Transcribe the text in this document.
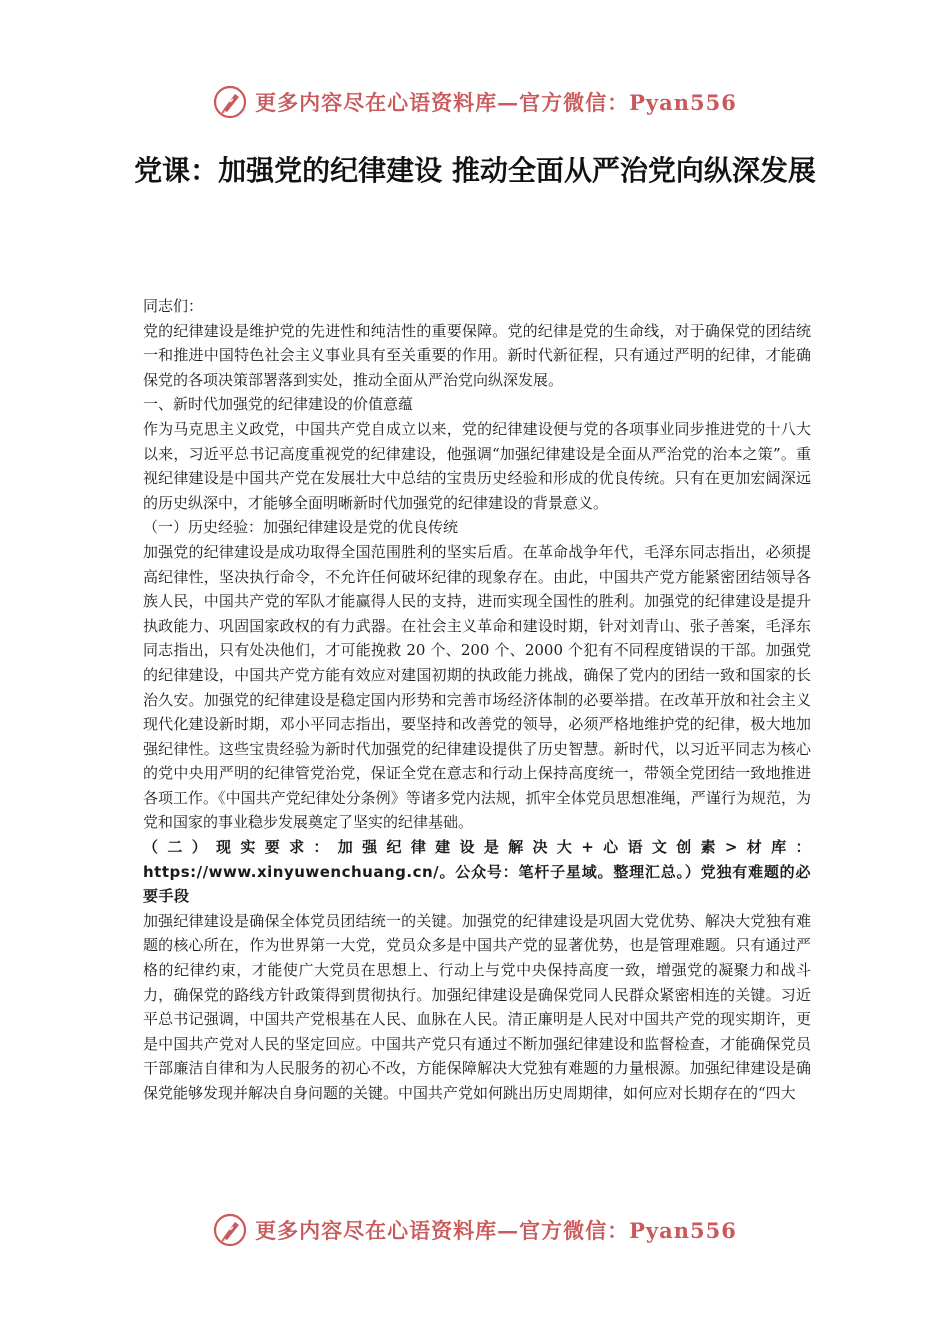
更多内容尽在心语资料库—官方微信：Pyan556
党课：加强党的纪律建设 推动全面从严治党向纵深发展

同志们：

党的纪律建设是维护党的先进性和纯洁性的重要保障。党的纪律是党的生命线，对于确保党的团结统一和推进中国特色社会主义事业具有至关重要的作用。新时代新征程，只有通过严明的纪律，才能确保党的各项决策部署落到实处，推动全面从严治党向纵深发展。

一、新时代加强党的纪律建设的价值意蕴

作为马克思主义政党，中国共产党自成立以来，党的纪律建设便与党的各项事业同步推进党的十八大以来，习近平总书记高度重视党的纪律建设，他强调“加强纪律建设是全面从严治党的治本之策”。重视纪律建设是中国共产党在发展壮大中总结的宝贵历史经验和形成的优良传统。只有在更加宏阔深远的历史纵深中，才能够全面明晰新时代加强党的纪律建设的背景意义。

（一）历史经验：加强纪律建设是党的优良传统

加强党的纪律建设是成功取得全国范围胜利的坚实后盾。在革命战争年代，毛泽东同志指出，必须提高纪律性，坚决执行命令，不允许任何破坏纪律的现象存在。由此，中国共产党方能紧密团结领导各族人民，中国共产党的军队才能赢得人民的支持，进而实现全国性的胜利。加强党的纪律建设是提升执政能力、巩固国家政权的有力武器。在社会主义革命和建设时期，针对刘青山、张子善案，毛泽东同志指出，只有处决他们，才可能挽救 20 个、200 个、2000 个犯有不同程度错误的干部。加强党的纪律建设，中国共产党方能有效应对建国初期的执政能力挑战，确保了党内的团结一致和国家的长治久安。加强党的纪律建设是稳定国内形势和完善市场经济体制的必要举措。在改革开放和社会主义现代化建设新时期，邓小平同志指出，要坚持和改善党的领导，必须严格地维护党的纪律，极大地加强纪律性。这些宝贵经验为新时代加强党的纪律建设提供了历史智慧。新时代，以习近平同志为核心的党中央用严明的纪律管党治党，保证全党在意志和行动上保持高度统一，带领全党团结一致地推进各项工作。《中国共产党纪律处分条例》等诸多党内法规，抓牢全体党员思想准绳，严谨行为规范，为党和国家的事业稳步发展奠定了坚实的纪律基础。

（二）现实要求：加强纪律建设是解决大+心语文创素>材库：https://www.xinyuwenchuang.cn/。公众号：笔杆子星域。整理汇总。）党独有难题的必要手段

加强纪律建设是确保全体党员团结统一的关键。加强党的纪律建设是巩固大党优势、解决大党独有难题的核心所在，作为世界第一大党，党员众多是中国共产党的显著优势，也是管理难题。只有通过严格的纪律约束，才能使广大党员在思想上、行动上与党中央保持高度一致，增强党的凝聚力和战斗力，确保党的路线方针政策得到贯彻执行。加强纪律建设是确保党同人民群众紧密相连的关键。习近平总书记强调，中国共产党根基在人民、血脉在人民。清正廉明是人民对中国共产党的现实期许，更是中国共产党对人民的坚定回应。中国共产党只有通过不断加强纪律建设和监督检查，才能确保党员干部廉洁自律和为人民服务的初心不改，方能保障解决大党独有难题的力量根源。加强纪律建设是确保党能够发现并解决自身问题的关键。中国共产党如何跳出历史周期律，如何应对长期存在的“四大

更多内容尽在心语资料库—官方微信：Pyan556
